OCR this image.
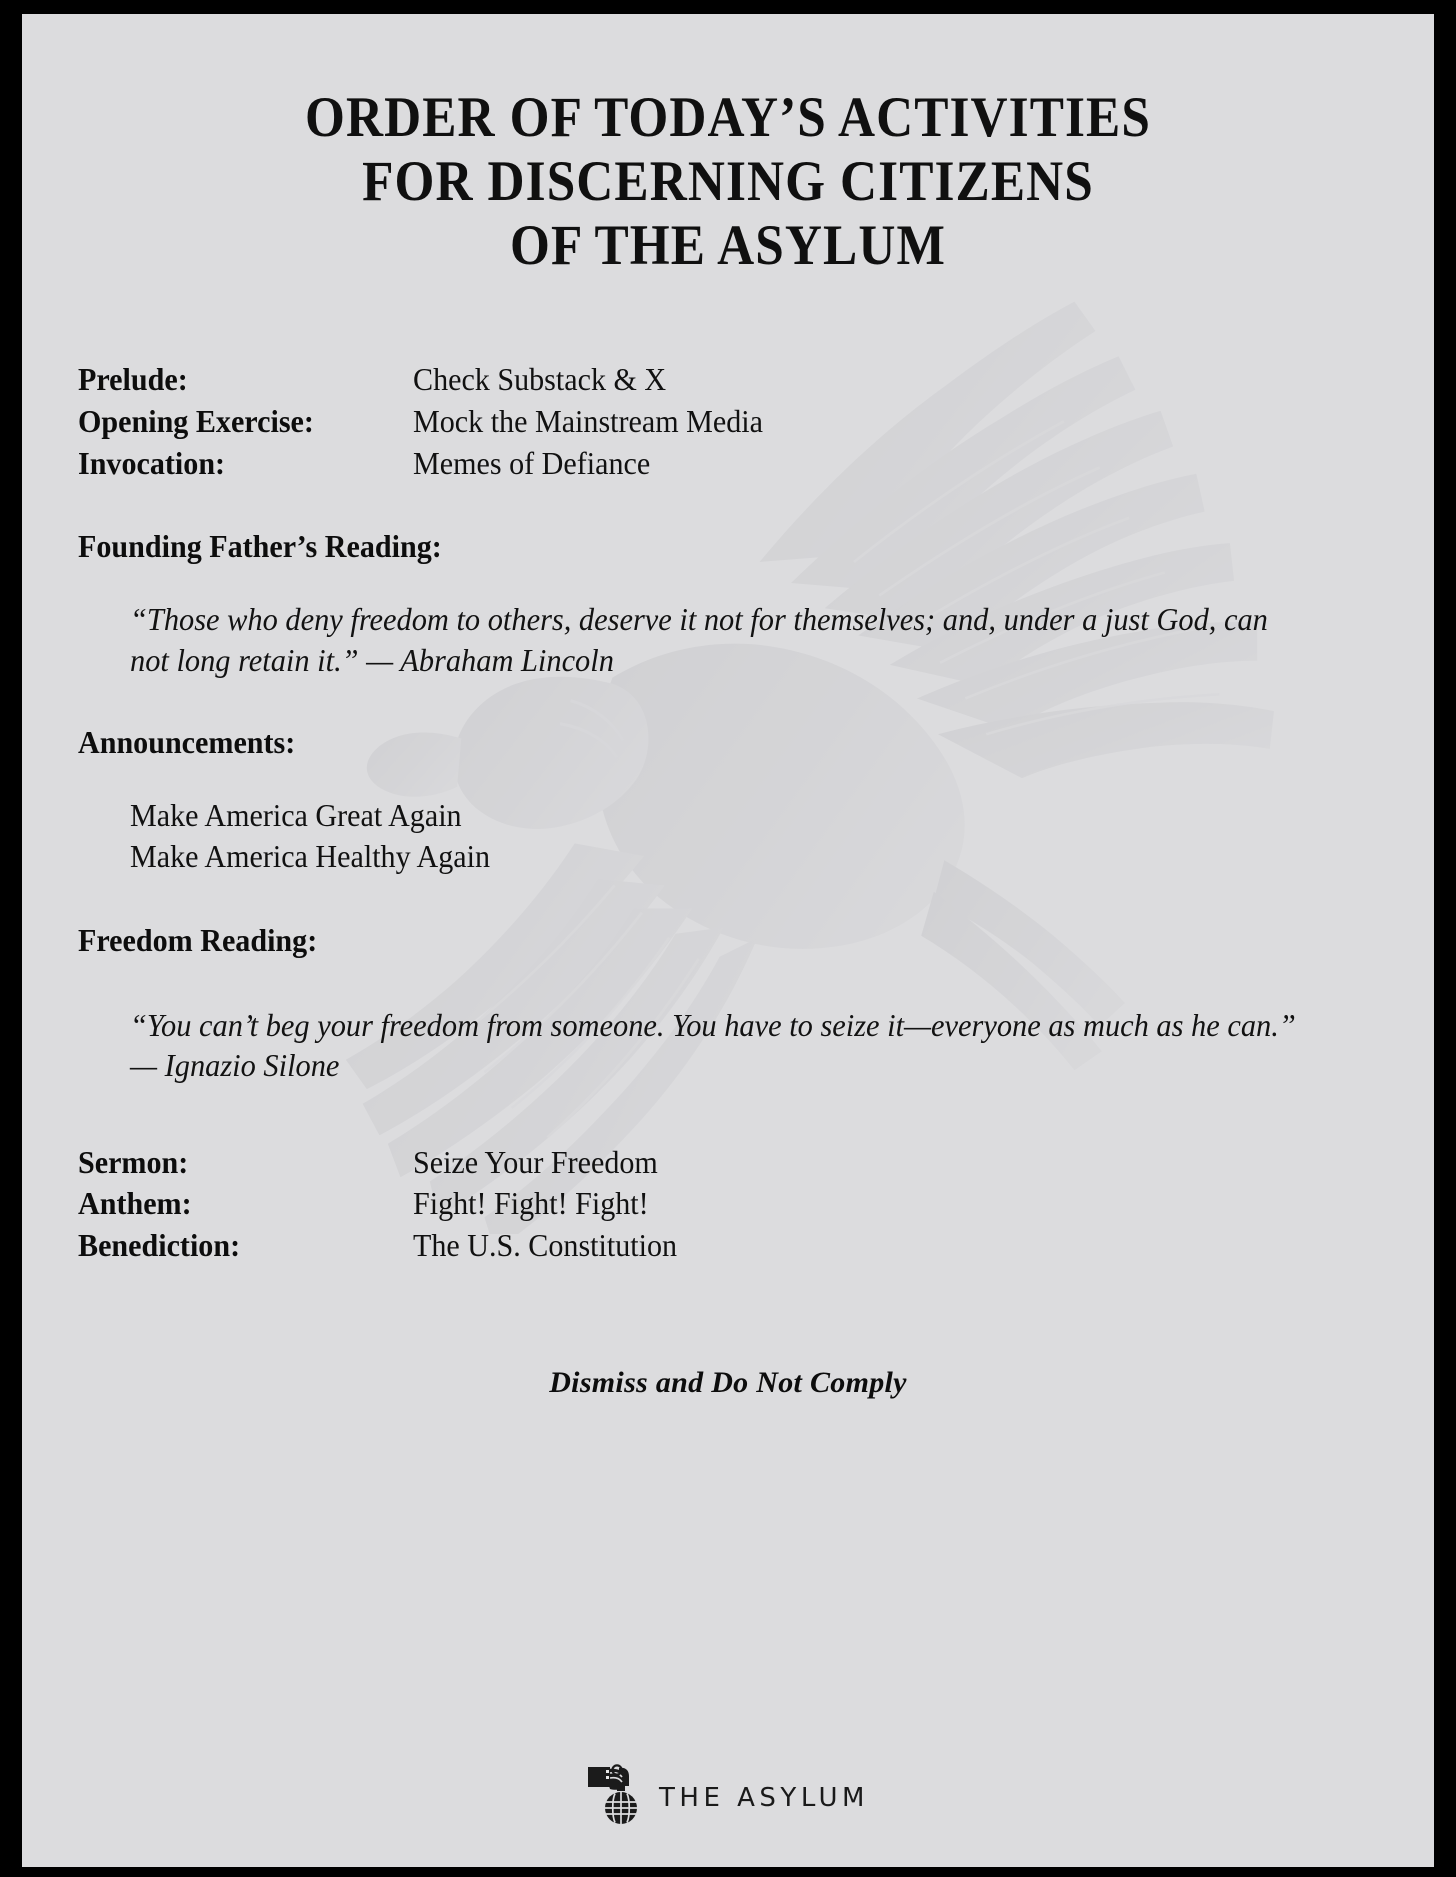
ORDER OF TODAY’S ACTIVITIES
FOR DISCERNING CITIZENS
OF THE ASYLUM
Prelude:	Check Substack & X
Opening Exercise:	Mock the Mainstream Media
Invocation:	Memes of Defiance
Founding Father’s Reading:
“Those who deny freedom to others, deserve it not for themselves; and, under a just God, can not long retain it.” — Abraham Lincoln
Announcements:
Make America Great Again
Make America Healthy Again
Freedom Reading:
“You can’t beg your freedom from someone. You have to seize it—everyone as much as he can.” — Ignazio Silone
Sermon:	Seize Your Freedom
Anthem:	Fight! Fight! Fight!
Benediction:	The U.S. Constitution
Dismiss and Do Not Comply
THE ASYLUM
